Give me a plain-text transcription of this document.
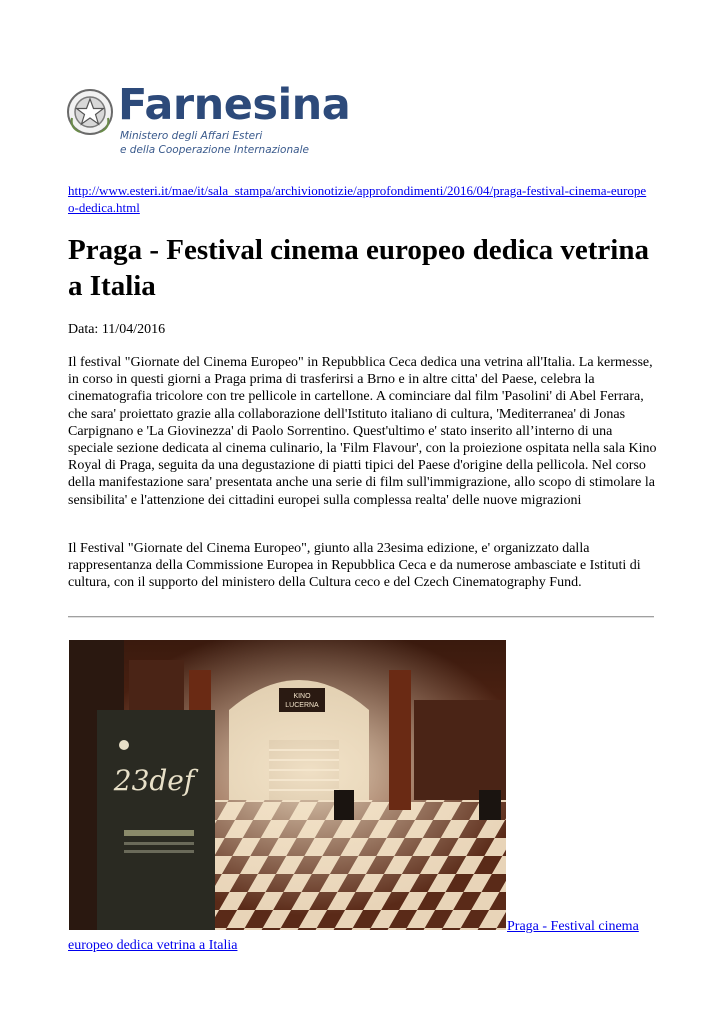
Farnesina
Ministero degli Affari Esteri
e della Cooperazione Internazionale
http://www.esteri.it/mae/it/sala_stampa/archivionotizie/approfondimenti/2016/04/praga-festival-cinema-europeo-dedica.html
Praga - Festival cinema europeo dedica vetrina a Italia
Data: 11/04/2016

Il festival "Giornate del Cinema Europeo" in Repubblica Ceca dedica una vetrina all'Italia. La kermesse, in corso in questi giorni a Praga prima di trasferirsi a Brno e in altre citta' del Paese, celebra la cinematografia tricolore con tre pellicole in cartellone. A cominciare dal film 'Pasolini' di Abel Ferrara, che sara' proiettato grazie alla collaborazione dell'Istituto italiano di cultura, 'Mediterranea' di Jonas Carpignano e 'La Giovinezza' di Paolo Sorrentino. Quest'ultimo e' stato inserito all’interno di una speciale sezione dedicata al cinema culinario, la 'Film Flavour', con la proiezione ospitata nella sala Kino Royal di Praga, seguita da una degustazione di piatti tipici del Paese d'origine della pellicola. Nel corso della manifestazione sara' presentata anche una serie di film sull'immigrazione, allo scopo di stimolare la sensibilita' e l'attenzione dei cittadini europei sulla complessa realta' delle nuove migrazioni

Il Festival "Giornate del Cinema Europeo", giunto alla 23esima edizione, e' organizzato dalla rappresentanza della Commissione Europea in Repubblica Ceca e da numerose ambasciate e Istituti di cultura, con il supporto del ministero della Cultura ceco e del Czech Cinematography Fund.

KINO
LUCERNA
23def
Praga - Festival cinema europeo dedica vetrina a Italia
